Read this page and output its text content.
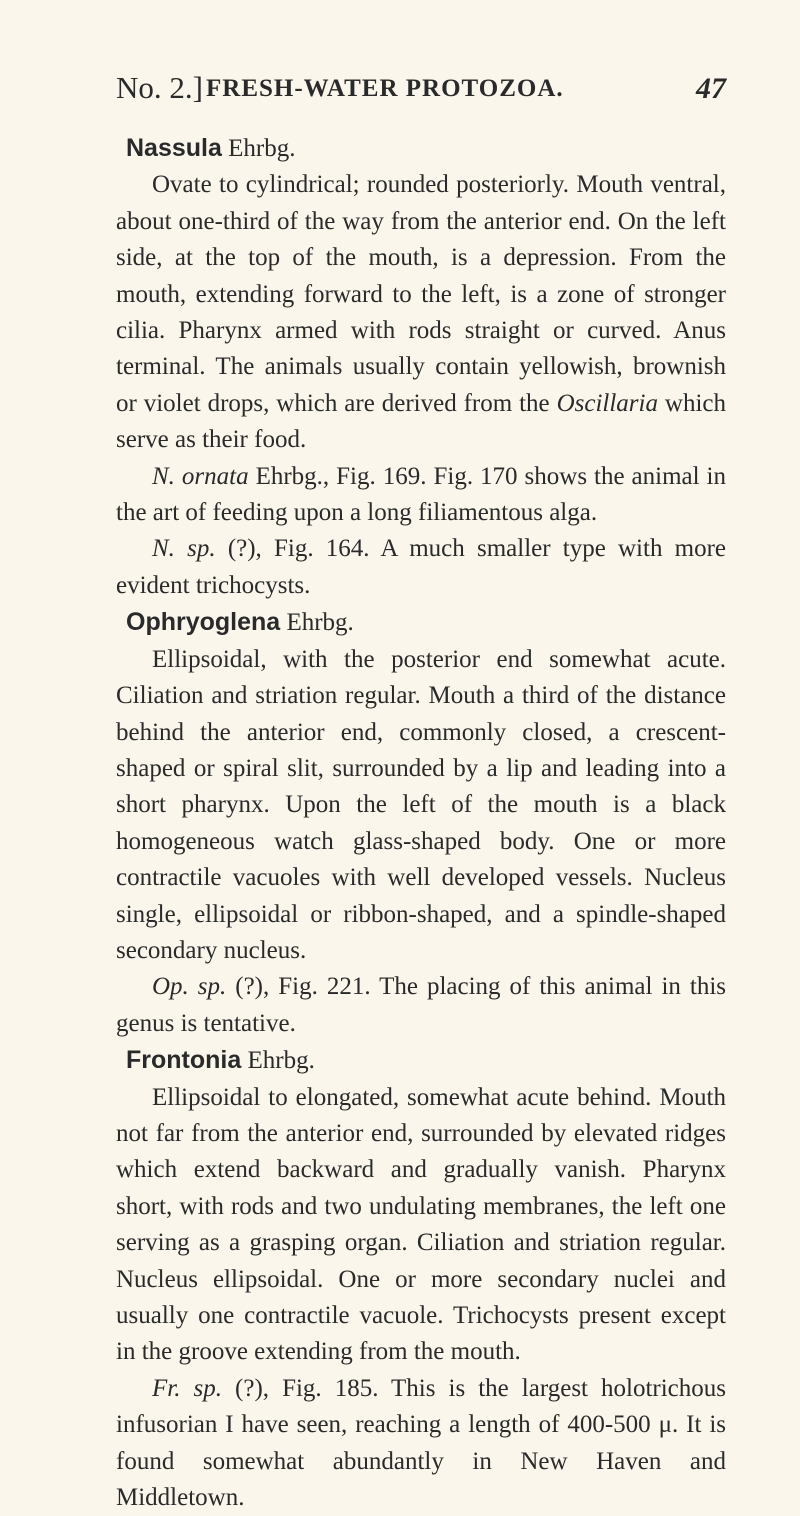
No. 2.] FRESH-WATER PROTOZOA.	47
Nassula Ehrbg.
Ovate to cylindrical; rounded posteriorly. Mouth ventral, about one-third of the way from the anterior end. On the left side, at the top of the mouth, is a depression. From the mouth, extending forward to the left, is a zone of stronger cilia. Pharynx armed with rods straight or curved. Anus terminal. The animals usually contain yellowish, brownish or violet drops, which are derived from the Oscillaria which serve as their food.
N. ornata Ehrbg., Fig. 169. Fig. 170 shows the animal in the art of feeding upon a long filiamentous alga.
N. sp. (?), Fig. 164. A much smaller type with more evident trichocysts.
Ophryoglena Ehrbg.
Ellipsoidal, with the posterior end somewhat acute. Ciliation and striation regular. Mouth a third of the distance behind the anterior end, commonly closed, a crescent-shaped or spiral slit, surrounded by a lip and leading into a short pharynx. Upon the left of the mouth is a black homogeneous watch glass-shaped body. One or more contractile vacuoles with well developed vessels. Nucleus single, ellipsoidal or ribbon-shaped, and a spindle-shaped secondary nucleus.
Op. sp. (?), Fig. 221. The placing of this animal in this genus is tentative.
Frontonia Ehrbg.
Ellipsoidal to elongated, somewhat acute behind. Mouth not far from the anterior end, surrounded by elevated ridges which extend backward and gradually vanish. Pharynx short, with rods and two undulating membranes, the left one serving as a grasping organ. Ciliation and striation regular. Nucleus ellipsoidal. One or more secondary nuclei and usually one contractile vacuole. Trichocysts present except in the groove extending from the mouth.
Fr. sp. (?), Fig. 185. This is the largest holotrichous infusorian I have seen, reaching a length of 400-500 μ. It is found somewhat abundantly in New Haven and Middletown.
